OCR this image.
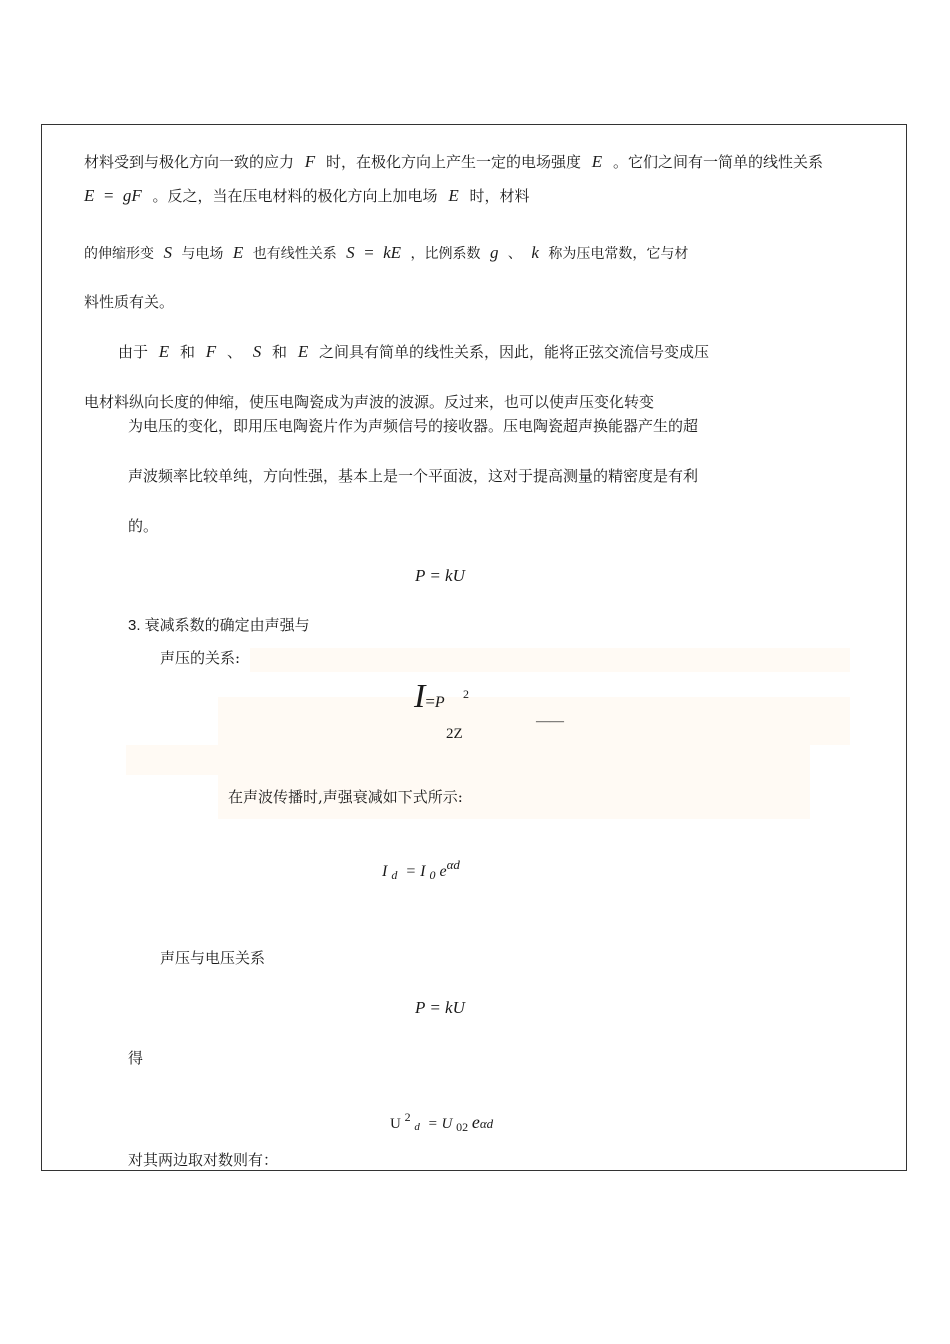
材料受到与极化方向一致的应力 F 时，在极化方向上产生一定的电场强度 E 。它们之间有一简单的线性关系
E  =  gF 。反之，当在压电材料的极化方向上加电场 E 时，材料
的伸缩形变 S 与电场 E 也有线性关系 S  =  kE ，比例系数 g 、 k 称为压电常数，它与材
料性质有关。
由于 E 和 F 、 S 和 E 之间具有简单的线性关系，因此，能将正弦交流信号变成压
电材料纵向长度的伸缩，使压电陶瓷成为声波的波源。反过来，也可以使声压变化转变
为电压的变化，即用压电陶瓷片作为声频信号的接收器。压电陶瓷超声换能器产生的超
声波频率比较单纯，方向性强，基本上是一个平面波，这对于提高测量的精密度是有利
的。
P = kU
3. 衰减系数的确定由声强与
声压的关系:
I=P 2
2Z
——
在声波传播时,声强衰减如下式所示:
I d = I 0 $e^{\alpha d}$
声压与电压关系
P = kU
得
U $^2$ d = U $_{02}$ eαd
对其两边取对数则有：
